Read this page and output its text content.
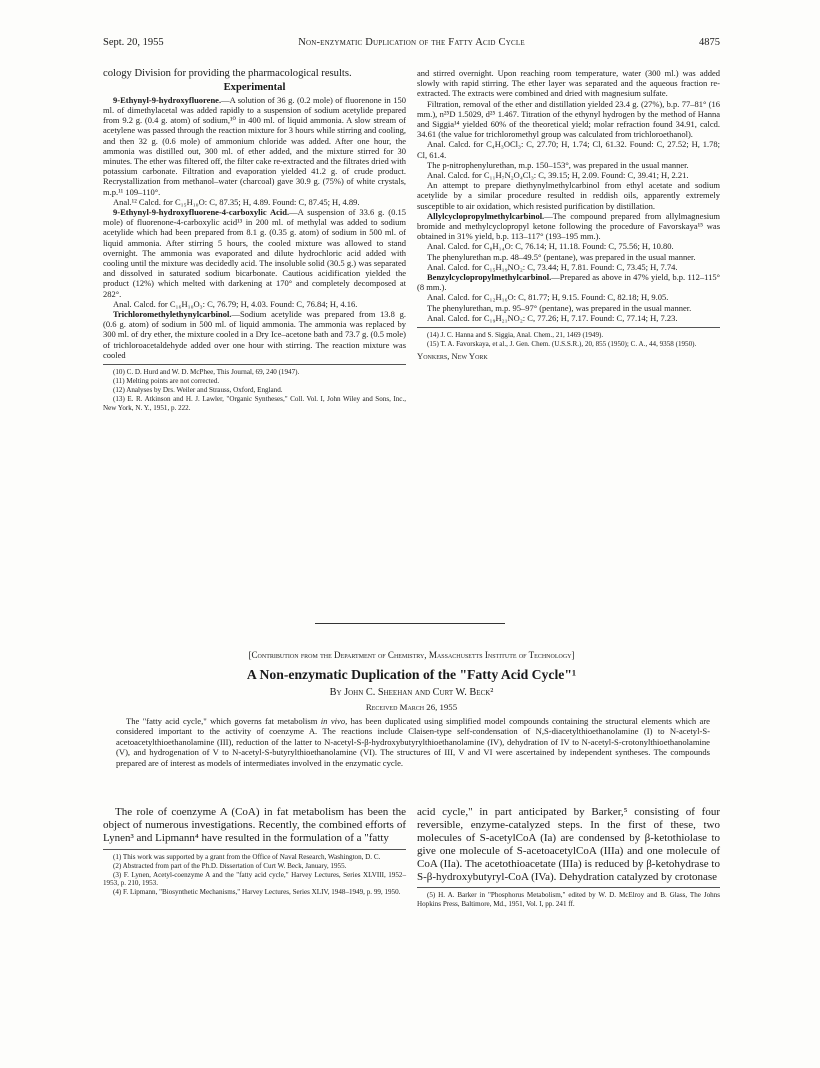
Sept. 20, 1955	Non-enzymatic Duplication of the Fatty Acid Cycle	4875

cology Division for providing the pharmacological results.

Experimental

9-Ethynyl-9-hydroxyfluorene.—A solution of 36 g. (0.2 mole) of fluorenone in 150 ml. of dimethylacetal was added rapidly to a suspension of sodium acetylide prepared from 9.2 g. (0.4 g. atom) of sodium,¹⁰ in 400 ml. of liquid ammonia. A slow stream of acetylene was passed through the reaction mixture for 3 hours while stirring and cooling, and then 32 g. (0.6 mole) of ammonium chloride was added. After one hour, the ammonia was distilled out, 300 ml. of ether added, and the mixture stirred for 30 minutes. The ether was filtered off, the filter cake re-extracted and the filtrates dried with potassium carbonate. Filtration and evaporation yielded 41.2 g. of crude product. Recrystallization from methanol–water (charcoal) gave 30.9 g. (75%) of white crystals, m.p.¹¹ 109–110°.

Anal.¹² Calcd. for C₁₅H₁₀O: C, 87.35; H, 4.89. Found: C, 87.45; H, 4.89.

9-Ethynyl-9-hydroxyfluorene-4-carboxylic Acid.—A suspension of 33.6 g. (0.15 mole) of fluorenone-4-carboxylic acid¹³ in 200 ml. of methylal was added to sodium acetylide which had been prepared from 8.1 g. (0.35 g. atom) of sodium in 500 ml. of liquid ammonia. After stirring 5 hours, the cooled mixture was allowed to stand overnight. The ammonia was evaporated and dilute hydrochloric acid added with cooling until the mixture was decidedly acid. The insoluble solid (30.5 g.) was separated and dissolved in saturated sodium bicarbonate. Cautious acidification yielded the product (12%) which melted with darkening at 170° and completely decomposed at 282°.

Anal. Calcd. for C₁₆H₁₀O₃: C, 76.79; H, 4.03. Found: C, 76.84; H, 4.16.

Trichloromethylethynylcarbinol.—Sodium acetylide was prepared from 13.8 g. (0.6 g. atom) of sodium in 500 ml. of liquid ammonia. The ammonia was replaced by 300 ml. of dry ether, the mixture cooled in a Dry Ice–acetone bath and 73.7 g. (0.5 mole) of trichloroacetaldehyde added over one hour with stirring. The reaction mixture was cooled

(10) C. D. Hurd and W. D. McPhee, This Journal, 69, 240 (1947).

(11) Melting points are not corrected.

(12) Analyses by Drs. Weiler and Strauss, Oxford, England.

(13) E. R. Atkinson and H. J. Lawler, "Organic Syntheses," Coll. Vol. I, John Wiley and Sons, Inc., New York, N. Y., 1951, p. 222.

and stirred overnight. Upon reaching room temperature, water (300 ml.) was added slowly with rapid stirring. The ether layer was separated and the aqueous fraction re-extracted. The extracts were combined and dried with magnesium sulfate.

Filtration, removal of the ether and distillation yielded 23.4 g. (27%), b.p. 77–81° (16 mm.), n²⁵D 1.5029, d²⁵ 1.467. Titration of the ethynyl hydrogen by the method of Hanna and Siggia¹⁴ yielded 60% of the theoretical yield; molar refraction found 34.91, calcd. 34.61 (the value for trichloromethyl group was calculated from trichloroethanol).

Anal. Calcd. for C₄H₃OCl₃: C, 27.70; H, 1.74; Cl, 61.32. Found: C, 27.52; H, 1.78; Cl, 61.4.

The p-nitrophenylurethan, m.p. 150–153°, was prepared in the usual manner.

Anal. Calcd. for C₁₁H₇N₂O₄Cl₃: C, 39.15; H, 2.09. Found: C, 39.41; H, 2.21.

An attempt to prepare diethynylmethylcarbinol from ethyl acetate and sodium acetylide by a similar procedure resulted in reddish oils, apparently extremely susceptible to air oxidation, which resisted purification by distillation.

Allylcyclopropylmethylcarbinol.—The compound prepared from allylmagnesium bromide and methylcyclopropyl ketone following the procedure of Favorskaya¹⁵ was obtained in 31% yield, b.p. 113–117° (193–195 mm.).

Anal. Calcd. for C₈H₁₄O: C, 76.14; H, 11.18. Found: C, 75.56; H, 10.80.

The phenylurethan m.p. 48–49.5° (pentane), was prepared in the usual manner.

Anal. Calcd. for C₁₅H₁₉NO₂: C, 73.44; H, 7.81. Found: C, 73.45; H, 7.74.

Benzylcyclopropylmethylcarbinol.—Prepared as above in 47% yield, b.p. 112–115° (8 mm.).

Anal. Calcd. for C₁₂H₁₆O: C, 81.77; H, 9.15. Found: C, 82.18; H, 9.05.

The phenylurethan, m.p. 95–97° (pentane), was prepared in the usual manner.

Anal. Calcd. for C₁₉H₂₁NO₂: C, 77.26; H, 7.17. Found: C, 77.14; H, 7.23.

(14) J. C. Hanna and S. Siggia, Anal. Chem., 21, 1469 (1949).

(15) T. A. Favorskaya, et al., J. Gen. Chem. (U.S.S.R.), 20, 855 (1950); C. A., 44, 9358 (1950).

Yonkers, New York

[Contribution from the Department of Chemistry, Massachusetts Institute of Technology]
A Non-enzymatic Duplication of the "Fatty Acid Cycle"¹
By John C. Sheehan and Curt W. Beck²
Received March 26, 1955
The "fatty acid cycle," which governs fat metabolism in vivo, has been duplicated using simplified model compounds containing the structural elements which are considered important to the activity of coenzyme A. The reactions include Claisen-type self-condensation of N,S-diacetylthioethanolamine (I) to N-acetyl-S-acetoacetylthioethanolamine (III), reduction of the latter to N-acetyl-S-β-hydroxybutyrylthioethanolamine (IV), dehydration of IV to N-acetyl-S-crotonylthioethanolamine (V), and hydrogenation of V to N-acetyl-S-butyrylthioethanolamine (VI). The structures of III, V and VI were ascertained by independent syntheses. The compounds prepared are of interest as models of intermediates involved in the enzymatic cycle.

The role of coenzyme A (CoA) in fat metabolism has been the object of numerous investigations. Recently, the combined efforts of Lynen³ and Lipmann⁴ have resulted in the formulation of a "fatty

(1) This work was supported by a grant from the Office of Naval Research, Washington, D. C.

(2) Abstracted from part of the Ph.D. Dissertation of Curt W. Beck, January, 1955.

(3) F. Lynen, Acetyl-coenzyme A and the "fatty acid cycle," Harvey Lectures, Series XLVIII, 1952–1953, p. 210, 1953.

(4) F. Lipmann, "Biosynthetic Mechanisms," Harvey Lectures, Series XLIV, 1948–1949, p. 99, 1950.

acid cycle," in part anticipated by Barker,⁵ consisting of four reversible, enzyme-catalyzed steps. In the first of these, two molecules of S-acetylCoA (Ia) are condensed by β-ketothiolase to give one molecule of S-acetoacetylCoA (IIIa) and one molecule of CoA (IIa). The acetothioacetate (IIIa) is reduced by β-ketohydrase to S-β-hydroxybutyryl-CoA (IVa). Dehydration catalyzed by crotonase

(5) H. A. Barker in "Phosphorus Metabolism," edited by W. D. McElroy and B. Glass, The Johns Hopkins Press, Baltimore, Md., 1951, Vol. I, pp. 241 ff.
